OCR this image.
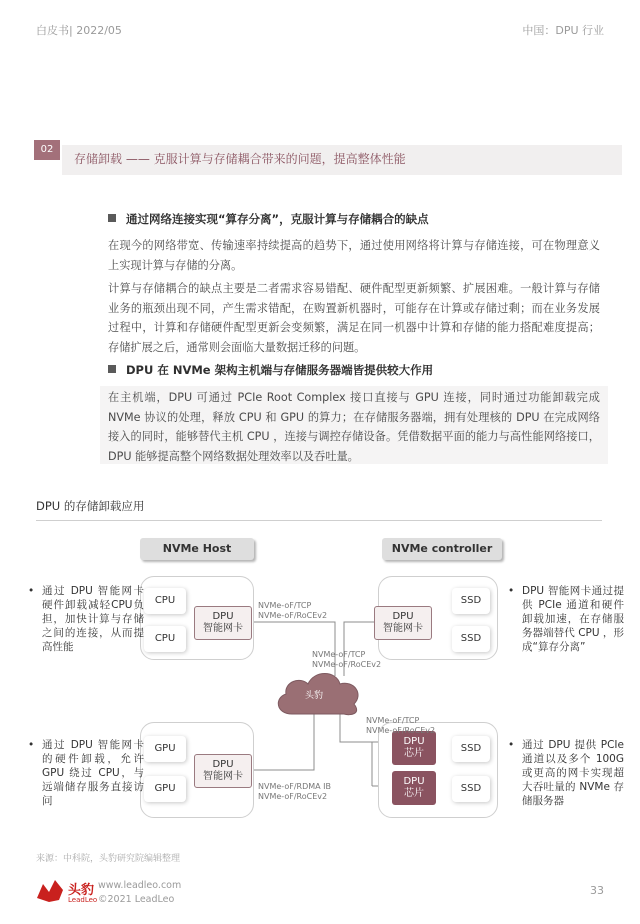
白皮书| 2022/05	中国：DPU 行业
02
存储卸载 —— 克服计算与存储耦合带来的问题，提高整体性能
通过网络连接实现“算存分离”，克服计算与存储耦合的缺点
在现今的网络带宽、传输速率持续提高的趋势下，通过使用网络将计算与存储连接，可在物理意义上实现计算与存储的分离。
计算与存储耦合的缺点主要是二者需求容易错配、硬件配型更新频繁、扩展困难。一般计算与存储业务的瓶颈出现不同，产生需求错配，在购置新机器时，可能存在计算或存储过剩；而在业务发展过程中，计算和存储硬件配型更新会变频繁，满足在同一机器中计算和存储的能力搭配难度提高；存储扩展之后，通常则会面临大量数据迁移的问题。
DPU 在 NVMe 架构主机端与存储服务器端皆提供较大作用
在主机端，DPU 可通过 PCIe Root Complex 接口直接与 GPU 连接，同时通过功能卸载完成 NVMe 协议的处理，释放 CPU 和 GPU 的算力；在存储服务器端，拥有处理核的 DPU 在完成网络接入的同时，能够替代主机 CPU ，连接与调控存储设备。凭借数据平面的能力与高性能网络接口，DPU 能够提高整个网络数据处理效率以及吞吐量。
DPU 的存储卸载应用
头豹
NVMe Host	NVMe controller
CPU
CPU
DPU
智能网卡
GPU
GPU
DPU
智能网卡
DPU
智能网卡
SSD
SSD
DPU
芯片
DPU
芯片
SSD
SSD
NVMe-oF/TCP
NVMe-oF/RoCEv2
NVMe-oF/TCP
NVMe-oF/RoCEv2
NVMe-oF/TCP
NVMe-oF/RoCEv2
NVMe-oF/RDMA IB
NVMe-oF/RoCEv2
• 通过 DPU 智能网卡硬件卸载减轻CPU负担，加快计算与存储之间的连接，从而提高性能
• 通过 DPU 智能网卡的硬件卸载，允许 GPU 绕过 CPU，与远端储存服务直接访问
• DPU 智能网卡通过提供 PCIe 通道和硬件卸载加速，在存储服务器端替代 CPU ，形成“算存分离”
• 通过 DPU 提供 PCIe 通道以及多个 100G 或更高的网卡实现超大吞吐量的 NVMe 存储服务器
来源：中科院，头豹研究院编辑整理
头豹
LeadLeo
www.leadleo.com
©2021 LeadLeo
33
